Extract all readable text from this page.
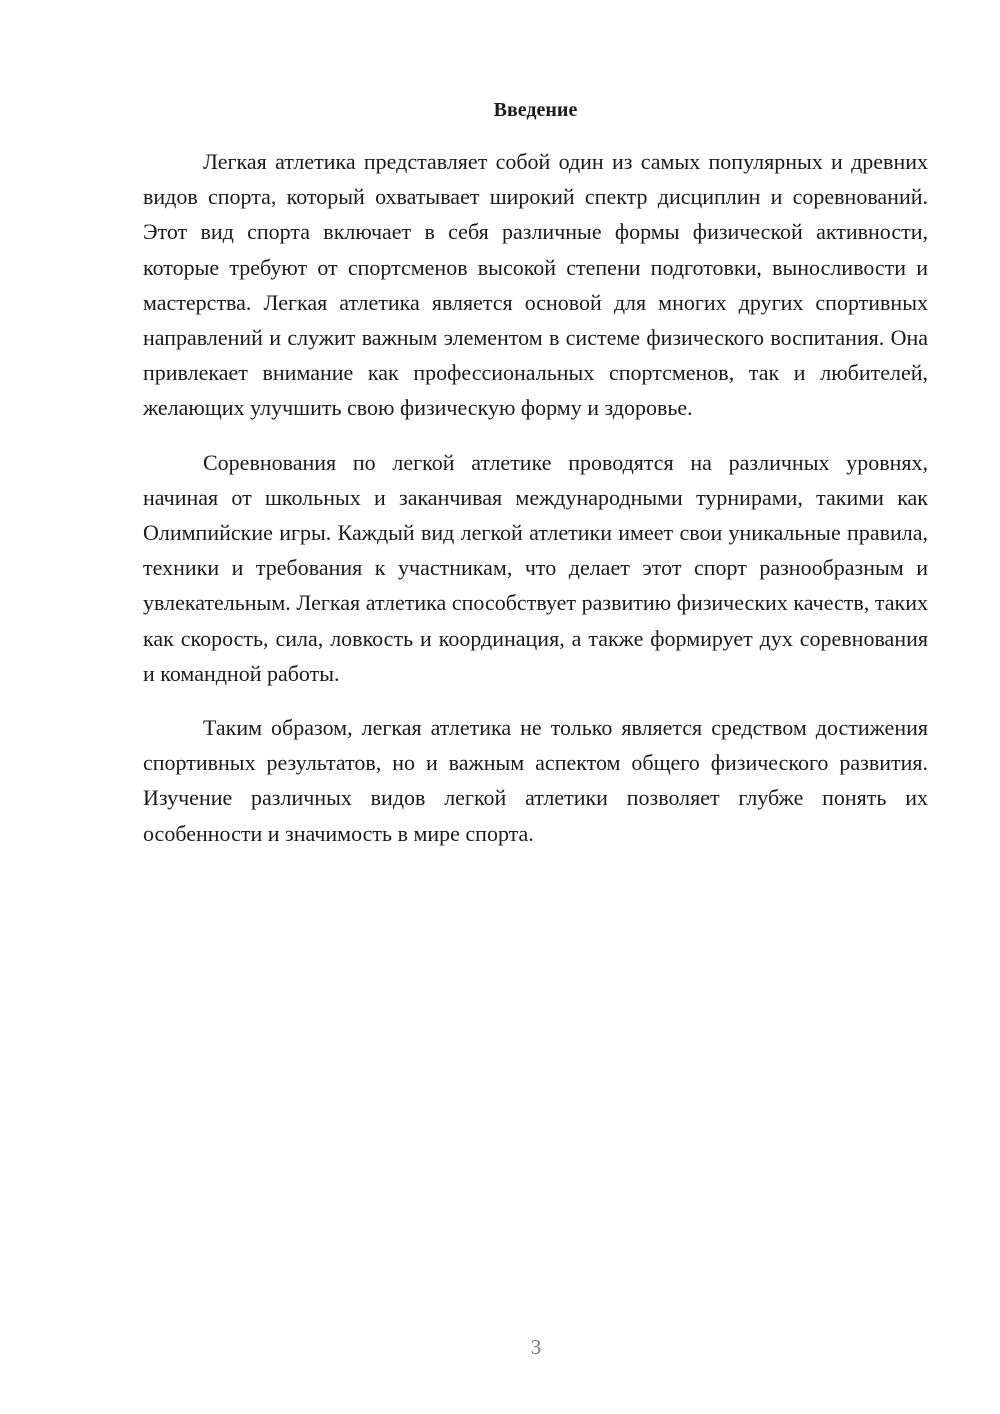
Введение

Легкая атлетика представляет собой один из самых популярных и древних видов спорта, который охватывает широкий спектр дисциплин и соревнований. Этот вид спорта включает в себя различные формы физической активности, которые требуют от спортсменов высокой степени подготовки, выносливости и мастерства. Легкая атлетика является основой для многих других спортивных направлений и служит важным элементом в системе физического воспитания. Она привлекает внимание как профессиональных спортсменов, так и любителей, желающих улучшить свою физическую форму и здоровье.

Соревнования по легкой атлетике проводятся на различных уровнях, начиная от школьных и заканчивая международными турнирами, такими как Олимпийские игры. Каждый вид легкой атлетики имеет свои уникальные правила, техники и требования к участникам, что делает этот спорт разнообразным и увлекательным. Легкая атлетика способствует развитию физических качеств, таких как скорость, сила, ловкость и координация, а также формирует дух соревнования и командной работы.

Таким образом, легкая атлетика не только является средством достижения спортивных результатов, но и важным аспектом общего физического развития. Изучение различных видов легкой атлетики позволяет глубже понять их особенности и значимость в мире спорта.

3
